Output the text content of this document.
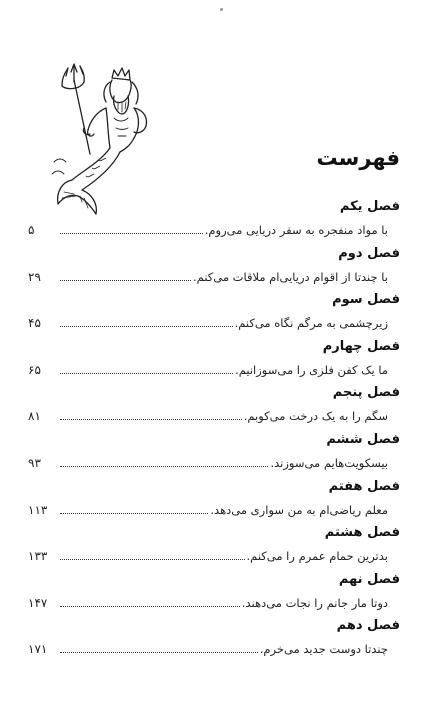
فهرست
فصل یکم
با مواد منفجره به سفر دریایی می‌روم.
۵
فصل دوم
با چندتا از اقوام دریایی‌ام ملاقات می‌کنم.
۲۹
فصل سوم
زیرچشمی به مرگم نگاه می‌کنم.
۴۵
فصل چهارم
ما یک کفن فلزی را می‌سوزانیم.
۶۵
فصل پنجم
سگم را به یک درخت می‌کوبم.
۸۱
فصل ششم
بیسکویت‌هایم می‌سوزند.
۹۳
فصل هفتم
معلم ریاضی‌ام به من سواری می‌دهد.
۱۱۳
فصل هشتم
بدترین حمام عمرم را می‌کنم.
۱۳۳
فصل نهم
دوتا مار جانم را نجات می‌دهند.
۱۴۷
فصل دهم
چندتا دوست جدید می‌خرم.
۱۷۱
